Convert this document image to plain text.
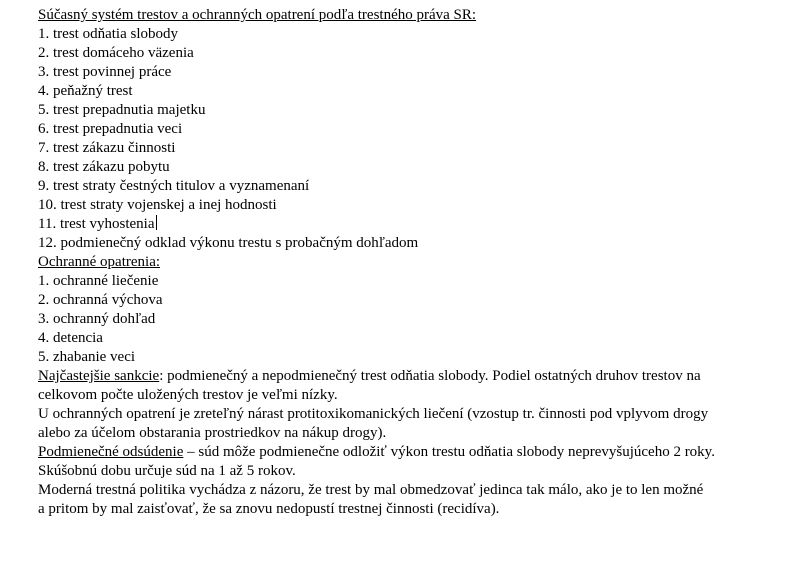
Súčasný systém trestov a ochranných opatrení podľa trestného práva SR:
1. trest odňatia slobody
2. trest domáceho väzenia
3. trest povinnej práce
4. peňažný trest
5. trest prepadnutia majetku
6. trest prepadnutia veci
7. trest zákazu činnosti
8. trest zákazu pobytu
9. trest straty čestných titulov a vyznamenaní
10. trest straty vojenskej a inej hodnosti
11. trest vyhostenia
12. podmienečný odklad výkonu trestu s probačným dohľadom
Ochranné opatrenia:
1. ochranné liečenie
2. ochranná výchova
3. ochranný dohľad
4. detencia
5. zhabanie veci
Najčastejšie sankcie: podmienečný a nepodmienečný trest odňatia slobody. Podiel ostatných druhov trestov na
celkovom počte uložených trestov je veľmi nízky.
U ochranných opatrení je zreteľný nárast protitoxikomanických liečení (vzostup tr. činnosti pod vplyvom drogy
alebo za účelom obstarania prostriedkov na nákup drogy).
Podmienečné odsúdenie – súd môže podmienečne odložiť výkon trestu odňatia slobody neprevyšujúceho 2 roky.
Skúšobnú dobu určuje súd na 1 až 5 rokov.
Moderná trestná politika vychádza z názoru, že trest by mal obmedzovať jedinca tak málo, ako je to len možné
a pritom by mal zaisťovať, že sa znovu nedopustí trestnej činnosti (recidíva).
